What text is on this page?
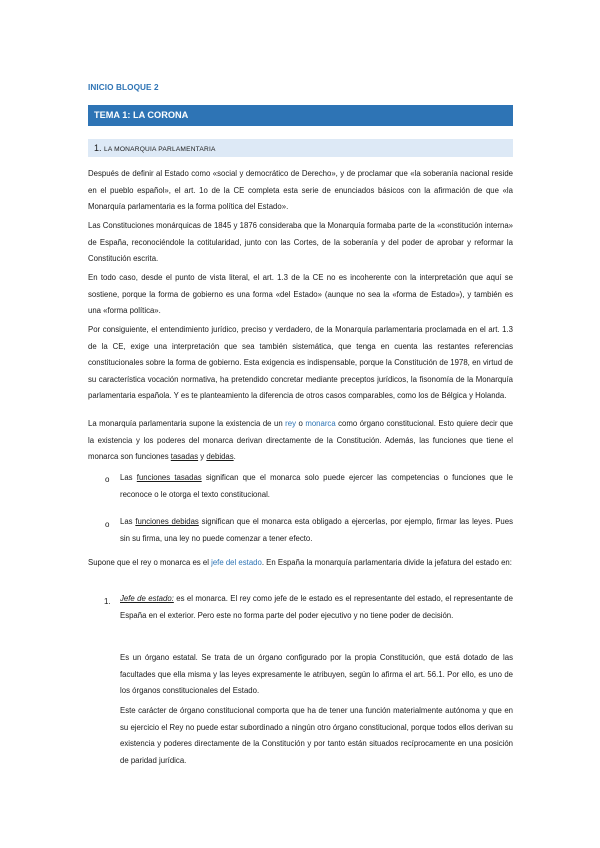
INICIO BLOQUE 2
TEMA 1: LA CORONA
1. LA MONARQUIA PARLAMENTARIA

Después de definir al Estado como «social y democrático de Derecho», y de proclamar que «la soberanía nacional reside en el pueblo español», el art. 1o de la CE completa esta serie de enunciados básicos con la afirmación de que «la Monarquía parlamentaria es la forma política del Estado».

Las Constituciones monárquicas de 1845 y 1876 consideraba que la Monarquía formaba parte de la «constitución interna» de España, reconociéndole la cotitularidad, junto con las Cortes, de la soberanía y del poder de aprobar y reformar la Constitución escrita.

En todo caso, desde el punto de vista literal, el art. 1.3 de la CE no es incoherente con la interpretación que aquí se sostiene, porque la forma de gobierno es una forma «del Estado» (aunque no sea la «forma de Estado»), y también es una «forma política».

Por consiguiente, el entendimiento jurídico, preciso y verdadero, de la Monarquía parlamentaria proclamada en el art. 1.3 de la CE, exige una interpretación que sea también sistemática, que tenga en cuenta las restantes referencias constitucionales sobre la forma de gobierno. Esta exigencia es indispensable, porque la Constitución de 1978, en virtud de su característica vocación normativa, ha pretendido concretar mediante preceptos jurídicos, la fisonomía de la Monarquía parlamentaria española. Y es te planteamiento la diferencia de otros casos comparables, como los de Bélgica y Holanda.

La monarquía parlamentaria supone la existencia de un rey o monarca como órgano constitucional. Esto quiere decir que la existencia y los poderes del monarca derivan directamente de la Constitución. Además, las funciones que tiene el monarca son funciones tasadas y debidas.

o Las funciones tasadas significan que el monarca solo puede ejercer las competencias o funciones que le reconoce o le otorga el texto constitucional.

o Las funciones debidas significan que el monarca esta obligado a ejercerlas, por ejemplo, firmar las leyes. Pues sin su firma, una ley no puede comenzar a tener efecto.

Supone que el rey o monarca es el jefe del estado. En España la monarquía parlamentaria divide la jefatura del estado en:

1. Jefe de estado: es el monarca. El rey como jefe de le estado es el representante del estado, el representante de España en el exterior. Pero este no forma parte del poder ejecutivo y no tiene poder de decisión.

Es un órgano estatal. Se trata de un órgano configurado por la propia Constitución, que está dotado de las facultades que ella misma y las leyes expresamente le atribuyen, según lo afirma el art. 56.1. Por ello, es uno de los órganos constitucionales del Estado.

Este carácter de órgano constitucional comporta que ha de tener una función materialmente autónoma y que en su ejercicio el Rey no puede estar subordinado a ningún otro órgano constitucional, porque todos ellos derivan su existencia y poderes directamente de la Constitución y por tanto están situados recíprocamente en una posición de paridad jurídica.
